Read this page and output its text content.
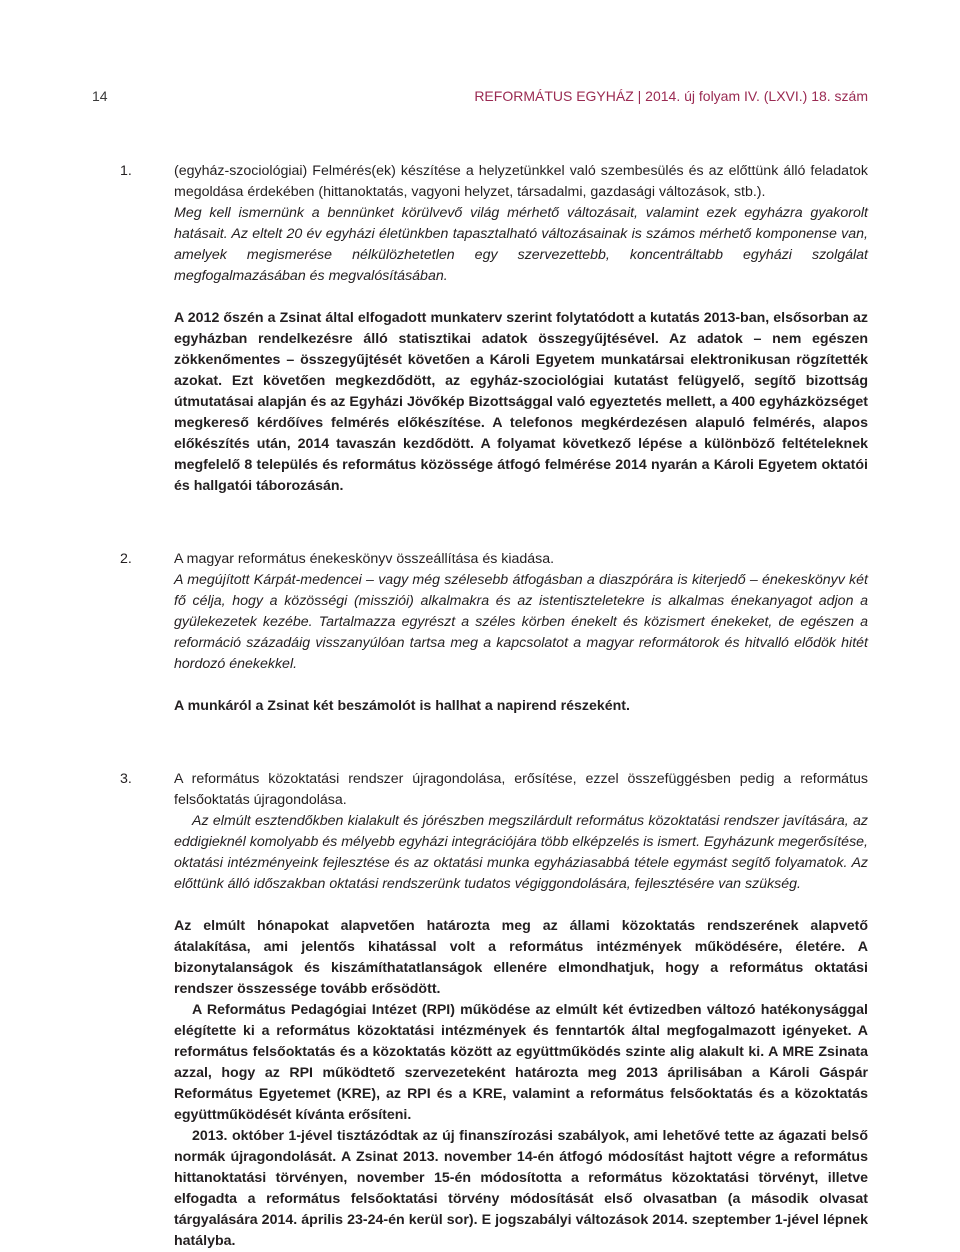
14	REFORMÁTUS EGYHÁZ | 2014. új folyam IV. (LXVI.) 18. szám
1.	(egyház-szociológiai) Felmérés(ek) készítése a helyzetünkkel való szembesülés és az előttünk álló feladatok megoldása érdekében (hittanoktatás, vagyoni helyzet, társadalmi, gazdasági változások, stb.).

Meg kell ismernünk a bennünket körülvevő világ mérhető változásait, valamint ezek egyházra gyakorolt hatásait. Az eltelt 20 év egyházi életünkben tapasztalható változásainak is számos mérhető komponense van, amelyek megismerése nélkülözhetetlen egy szervezettebb, koncentráltabb egyházi szolgálat megfogalmazásában és megvalósításában.

A 2012 őszén a Zsinat által elfogadott munkaterv szerint folytatódott a kutatás 2013-ban, elsősorban az egyházban rendelkezésre álló statisztikai adatok összegyűjtésével. Az adatok – nem egészen zökkenőmentes – összegyűjtését követően a Károli Egyetem munkatársai elektronikusan rögzítették azokat. Ezt követően megkezdődött, az egyház-szociológiai kutatást felügyelő, segítő bizottság útmutatásai alapján és az Egyházi Jövőkép Bizottsággal való egyeztetés mellett, a 400 egyházközséget megkereső kérdőíves felmérés előkészítése. A telefonos megkérdezésen alapuló felmérés, alapos előkészítés után, 2014 tavaszán kezdődött. A folyamat következő lépése a különböző feltételeknek megfelelő 8 település és református közössége átfogó felmérése 2014 nyarán a Károli Egyetem oktatói és hallgatói táborozásán.

2.	A magyar református énekeskönyv összeállítása és kiadása.

A megújított Kárpát-medencei – vagy még szélesebb átfogásban a diaszpórára is kiterjedő – énekeskönyv két fő célja, hogy a közösségi (missziói) alkalmakra és az istentiszteletekre is alkalmas énekanyagot adjon a gyülekezetek kezébe. Tartalmazza egyrészt a széles körben énekelt és közismert énekeket, de egészen a reformáció századáig visszanyúlóan tartsa meg a kapcsolatot a magyar reformátorok és hitvalló elődök hitét hordozó énekekkel.

A munkáról a Zsinat két beszámolót is hallhat a napirend részeként.

3.	A református közoktatási rendszer újragondolása, erősítése, ezzel összefüggésben pedig a református felsőoktatás újragondolása.

Az elmúlt esztendőkben kialakult és jórészben megszilárdult református közoktatási rendszer javítására, az eddigieknél komolyabb és mélyebb egyházi integrációjára több elképzelés is ismert. Egyházunk megerősítése, oktatási intézményeink fejlesztése és az oktatási munka egyháziasabbá tétele egymást segítő folyamatok. Az előttünk álló időszakban oktatási rendszerünk tudatos végiggondolására, fejlesztésére van szükség.

Az elmúlt hónapokat alapvetően határozta meg az állami közoktatás rendszerének alapvető átalakítása, ami jelentős kihatással volt a református intézmények működésére, életére. A bizonytalanságok és kiszámíthatatlanságok ellenére elmondhatjuk, hogy a református oktatási rendszer összessége tovább erősödött.

A Református Pedagógiai Intézet (RPI) működése az elmúlt két évtizedben változó hatékonysággal elégítette ki a református közoktatási intézmények és fenntartók által megfogalmazott igényeket. A református felsőoktatás és a közoktatás között az együttműködés szinte alig alakult ki. A MRE Zsinata azzal, hogy az RPI működtető szervezeteként határozta meg 2013 áprilisában a Károli Gáspár Református Egyetemet (KRE), az RPI és a KRE, valamint a református felsőoktatás és a közoktatás együttműködését kívánta erősíteni.

2013. október 1-jével tisztázódtak az új finanszírozási szabályok, ami lehetővé tette az ágazati belső normák újragondolását. A Zsinat 2013. november 14-én átfogó módosítást hajtott végre a református hittanoktatási törvényen, november 15-én módosította a református közoktatási törvényt, illetve elfogadta a református felsőoktatási törvény módosítását első olvasatban (a második olvasat tárgyalására 2014. április 23-24-én kerül sor). E jogszabályi változások 2014. szeptember 1-jével lépnek hatályba.
